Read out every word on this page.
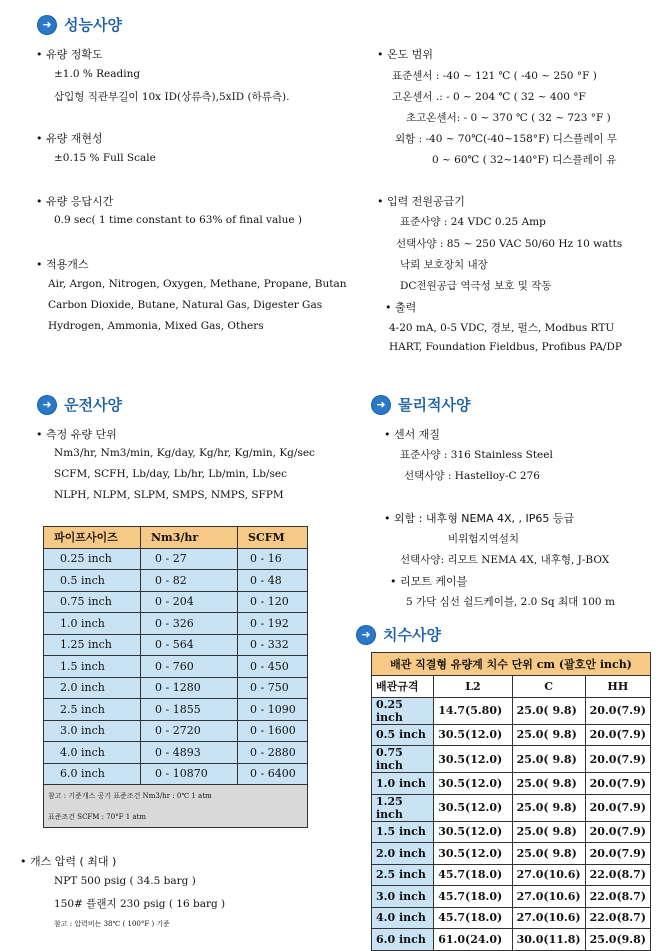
➜ 성능사양
➜ 운전사양	➜ 물리적사양
➜ 치수사양
• 유량 정확도
±1.0 % Reading
삽입형 직관부길이 10x ID(상류측),5xID (하류측).
• 유량 재현성
±0.15 % Full Scale
• 유량 응답시간
0.9 sec( 1 time constant to 63% of final value )
• 적용개스
Air, Argon, Nitrogen, Oxygen, Methane, Propane, Butan
Carbon Dioxide, Butane, Natural Gas, Digester Gas
Hydrogen, Ammonia, Mixed Gas, Others
• 온도 범위
표준센서 : -40 ~ 121 ℃ ( -40 ~ 250 °F )
고온센서 .: - 0 ~ 204 ℃ ( 32 ~ 400 °F
초고온센서: - 0 ~ 370 ℃ ( 32 ~ 723 °F )
외함 : -40 ~ 70℃(-40~158°F) 디스플레이 무
0 ~ 60℃ ( 32~140°F) 디스플레이 유
• 입력 전원공급기
표준사양 : 24 VDC 0.25 Amp
선택사양 : 85 ~ 250 VAC 50/60 Hz 10 watts
낙뢰 보호장치 내장
DC전원공급 역극성 보호 및 작동
• 출력
4-20 mA, 0-5 VDC, 경보, 펄스, Modbus RTU
HART, Foundation Fieldbus, Profibus PA/DP
• 측정 유량 단위
Nm3/hr, Nm3/min, Kg/day, Kg/hr, Kg/min, Kg/sec
SCFM, SCFH, Lb/day, Lb/hr, Lb/min, Lb/sec
NLPH, NLPM, SLPM, SMPS, NMPS, SFPM
파이프사이즈	Nm3/hr	SCFM
0.25 inch	0 - 27	0 - 16
0.5 inch	0 - 82	0 - 48
0.75 inch	0 - 204	0 - 120
1.0 inch	0 - 326	0 - 192
1.25 inch	0 - 564	0 - 332
1.5 inch	0 - 760	0 - 450
2.0 inch	0 - 1280	0 - 750
2.5 inch	0 - 1855	0 - 1090
3.0 inch	0 - 2720	0 - 1600
4.0 inch	0 - 4893	0 - 2880
6.0 inch	0 - 10870	0 - 6400
참고 : 기준개스 공기 표준조건 Nm3/hr : 0℃ 1 atm		
표준조건 SCFM : 70°F 1 atm		
• 개스 압력 ( 최대 )
NPT 500 psig ( 34.5 barg )
150# 플랜지 230 psig ( 16 barg )
참고 : 압력비는 38℃ ( 100°F ) 기준
• 센서 재질
표준사양 : 316 Stainless Steel
선택사양 : Hastelloy-C 276
• 외함 : 내후형 NEMA 4X, , IP65 등급
비위험지역설치
선택사양: 리모트 NEMA 4X, 내후형, J-BOX
• 리모트 케이블
5 가닥 심선 쉴드케이블, 2.0 Sq 최대 100 m
배관 직결형 유량계 치수 단위 cm (괄호안 inch)			
배관규격	L2	C	HH
0.25 inch	14.7(5.80)	25.0( 9.8)	20.0(7.9)
0.5 inch	30.5(12.0)	25.0( 9.8)	20.0(7.9)
0.75 inch	30.5(12.0)	25.0( 9.8)	20.0(7.9)
1.0 inch	30.5(12.0)	25.0( 9.8)	20.0(7.9)
1.25 inch	30.5(12.0)	25.0( 9.8)	20.0(7.9)
1.5 inch	30.5(12.0)	25.0( 9.8)	20.0(7.9)
2.0 inch	30.5(12.0)	25.0( 9.8)	20.0(7.9)
2.5 inch	45.7(18.0)	27.0(10.6)	22.0(8.7)
3.0 inch	45.7(18.0)	27.0(10.6)	22.0(8.7)
4.0 inch	45.7(18.0)	27.0(10.6)	22.0(8.7)
6.0 inch	61.0(24.0)	30.0(11.8)	25.0(9.8)
